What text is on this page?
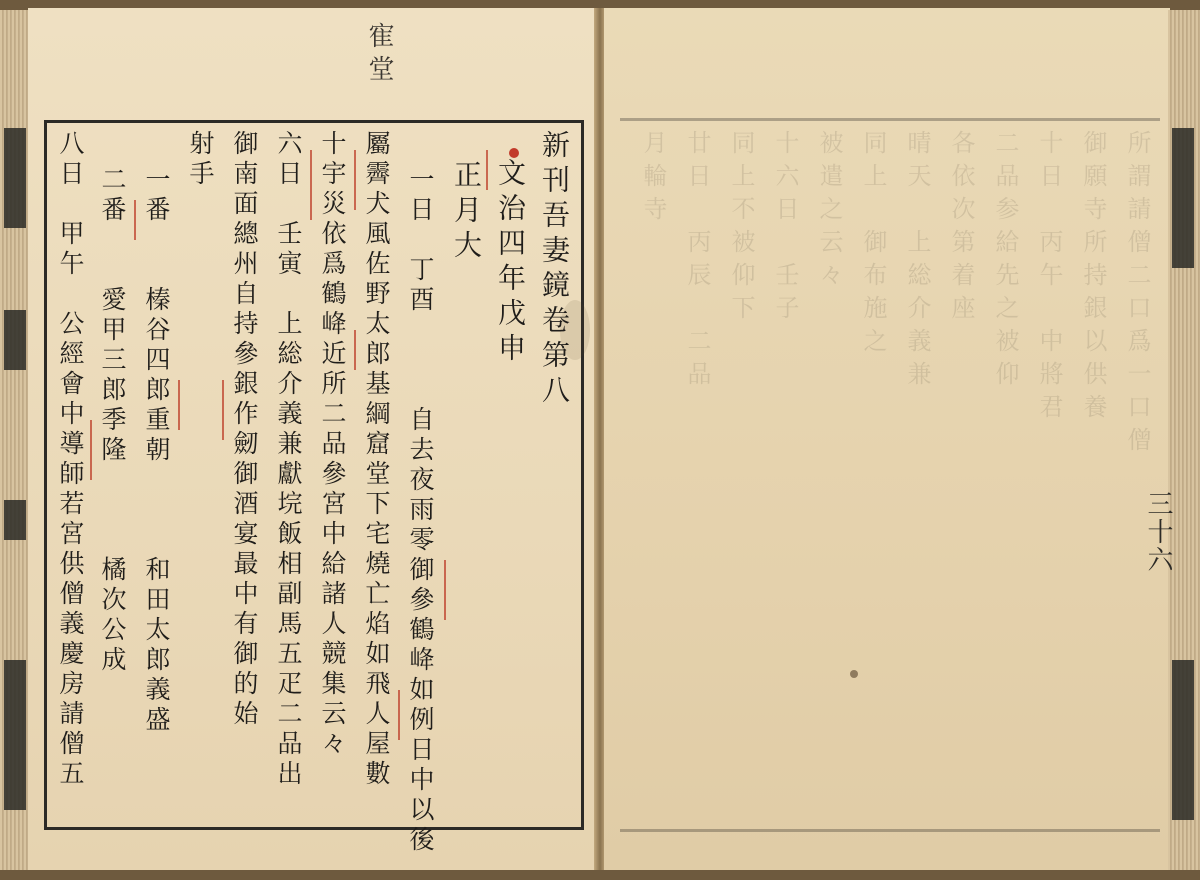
寉堂
新刊吾妻鏡卷第八
文治四年戊申
正月大
一日　丁酉　　　自去夜雨零御參鶴𡶶如例日中以後
屬霽犬風佐野太郎基綱窟堂下宅燒亡焰如飛人屋數
十宇災依爲鶴𡶶近所二品參宮中給諸人競集云々
六日　壬寅　上総介義兼獻垸飯相副馬五疋二品出
御南面總州自持參銀作劒御酒宴最中有御的始
射手
一番　　榛谷四郎重朝　　　和田太郎義盛
二番　　愛甲三郎季隆　　　橘次公成
八日　甲午　公經會中導師若宮供僧義慶房請僧五	所謂請僧二口爲一口僧
御願寺所持銀以供養
十日　丙午　中將君
二品参給先之被仰
各依次第着座
晴天　上総介義兼
同上　御布施之
被遣之云々
十六日　壬子
同上不被仰下
廿日　丙辰　二品
月輪寺
三十六
